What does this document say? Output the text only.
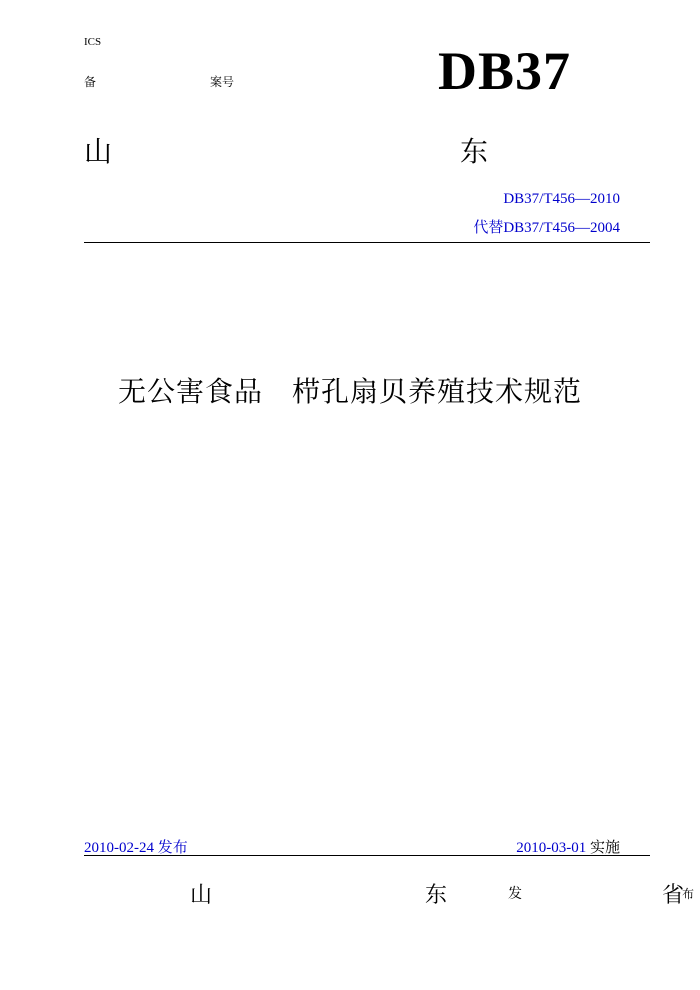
ICS
备	案号	DB37
山	东
DB37/T456—2010
代替DB37/T456—2004
无公害食品　栉孔扇贝养殖技术规范
2010-02-24 发布	2010-03-01 实施
山	东	发	省
布
